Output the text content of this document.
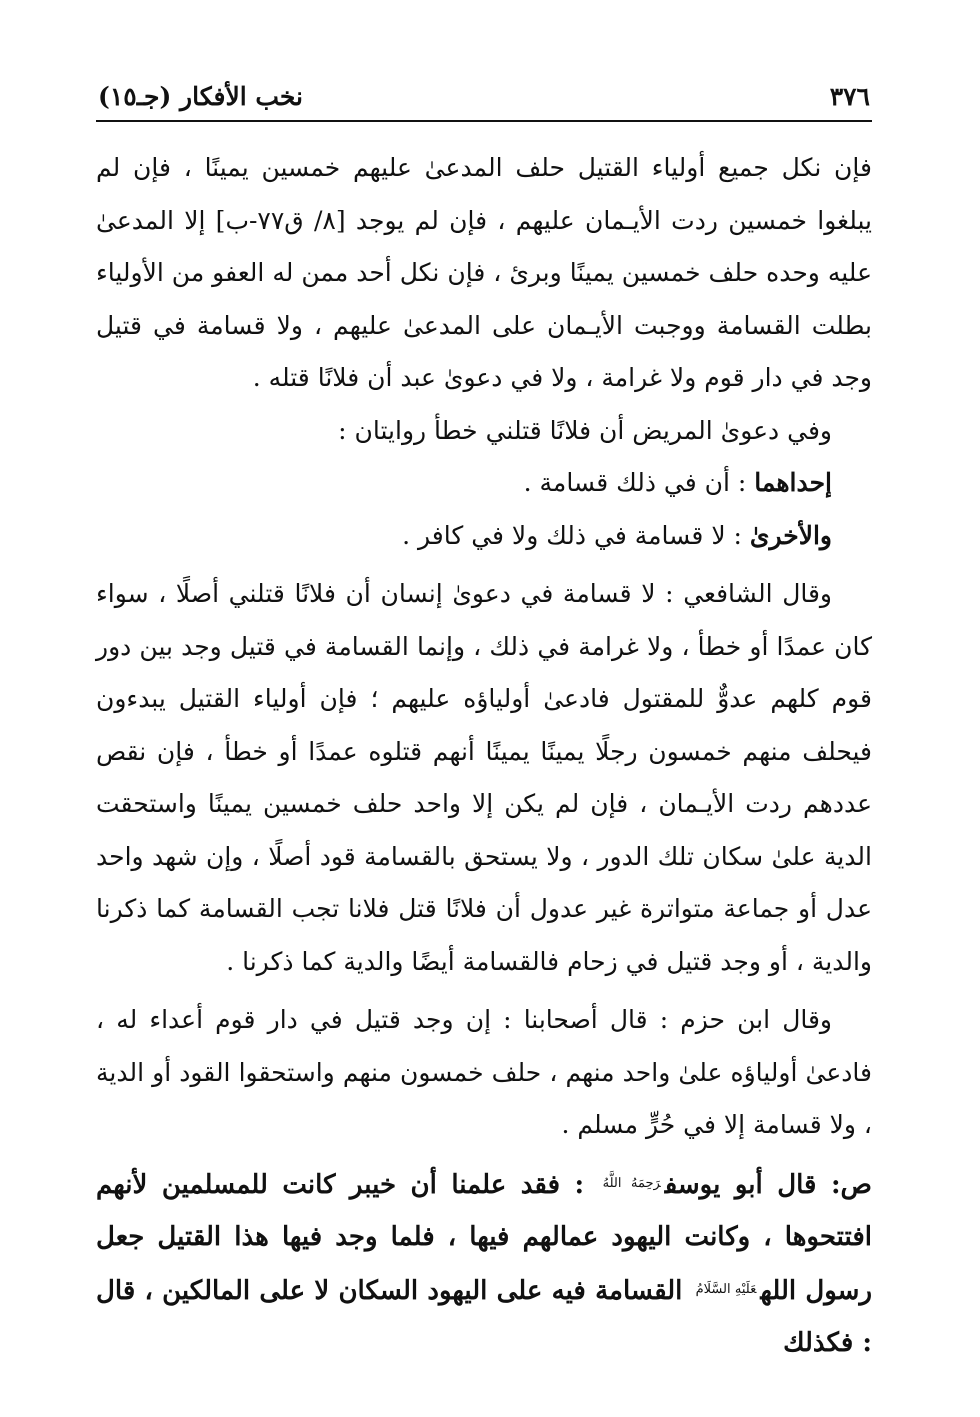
٣٧٦
نخب الأفكار (جـ١٥)

فإن نكل جميع أولياء القتيل حلف المدعىٰ عليهم خمسين يمينًا ، فإن لم يبلغوا خمسين ردت الأيـمان عليهم ، فإن لم يوجد [٨/ ق٧٧-ب] إلا المدعىٰ عليه وحده حلف خمسين يمينًا وبرئ ، فإن نكل أحد ممن له العفو من الأولياء بطلت القسامة ووجبت الأيـمان على المدعىٰ عليهم ، ولا قسامة في قتيل وجد في دار قوم ولا غرامة ، ولا في دعوىٰ عبد أن فلانًا قتله .

وفي دعوىٰ المريض أن فلانًا قتلني خطأ روايتان :

إحداهما : أن في ذلك قسامة .

والأخرىٰ : لا قسامة في ذلك ولا في كافر .

وقال الشافعي : لا قسامة في دعوىٰ إنسان أن فلانًا قتلني أصلًا ، سواء كان عمدًا أو خطأ ، ولا غرامة في ذلك ، وإنما القسامة في قتيل وجد بين دور قوم كلهم عدوٌّ للمقتول فادعىٰ أولياؤه عليهم ؛ فإن أولياء القتيل يبدءون فيحلف منهم خمسون رجلًا يمينًا يمينًا أنهم قتلوه عمدًا أو خطأ ، فإن نقص عددهم ردت الأيـمان ، فإن لم يكن إلا واحد حلف خمسين يمينًا واستحقت الدية علىٰ سكان تلك الدور ، ولا يستحق بالقسامة قود أصلًا ، وإن شهد واحد عدل أو جماعة متواترة غير عدول أن فلانًا قتل فلانا تجب القسامة كما ذكرنا والدية ، أو وجد قتيل في زحام فالقسامة أيضًا والدية كما ذكرنا .

وقال ابن حزم : قال أصحابنا : إن وجد قتيل في دار قوم أعداء له ، فادعىٰ أولياؤه علىٰ واحد منهم ، حلف خمسون منهم واستحقوا القود أو الدية ، ولا قسامة إلا في حُرٍّ مسلم .

ص: قال أبو يوسف$^{رَحِمَهُ اللَّهُ}$ : فقد علمنا أن خيبر كانت للمسلمين لأنهم افتتحوها ، وكانت اليهود عمالهم فيها ، فلما وجد فيها هذا القتيل جعل رسول الله$^{عَلَيْهِ السَّلَامُ}$ القسامة فيه على اليهود السكان لا على المالكين ، قال : فكذلك
